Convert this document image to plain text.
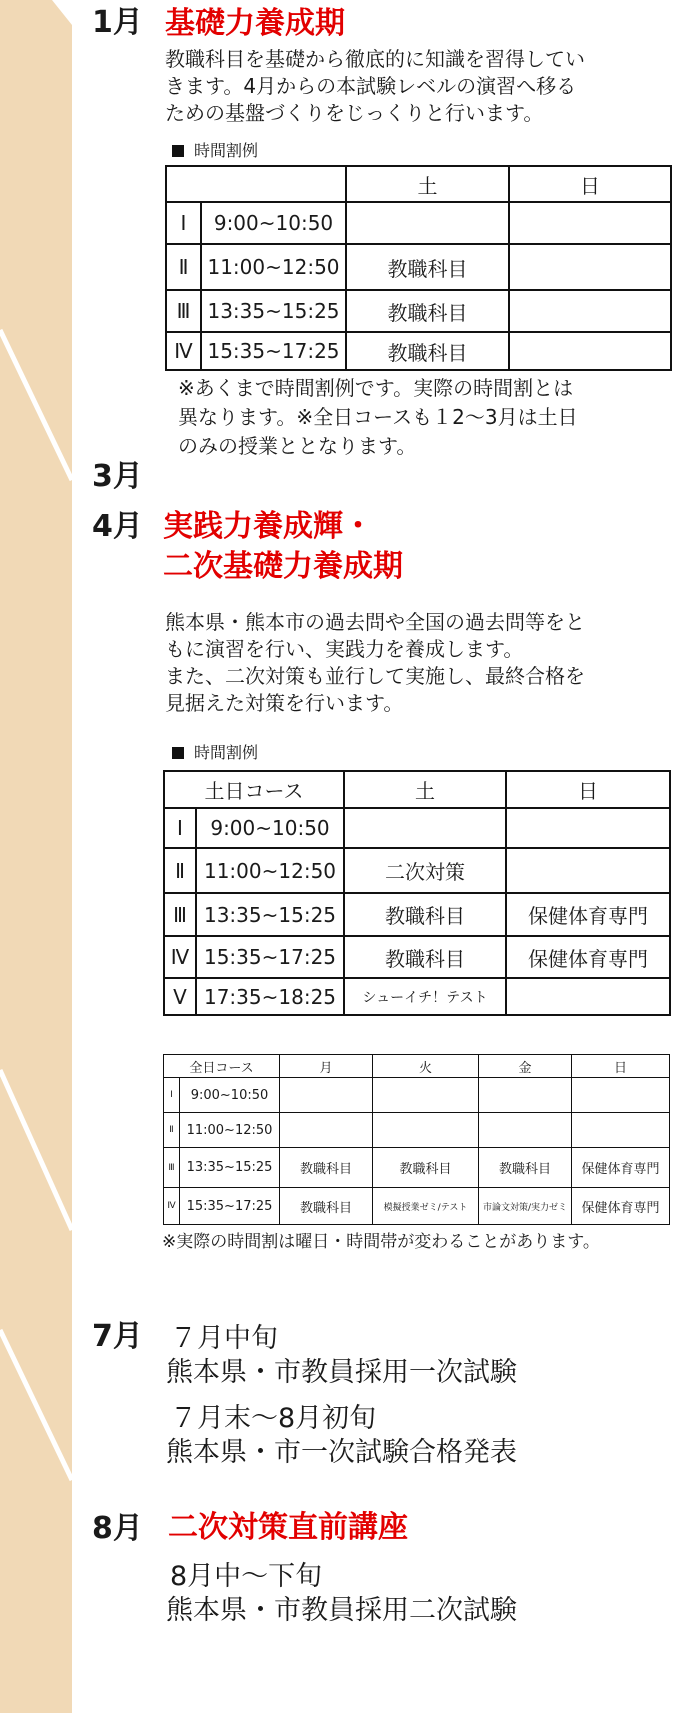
1月 基礎力養成期
教職科目を基礎から徹底的に知識を習得してい
きます。4月からの本試験レベルの演習へ移る
ための基盤づくりをじっくりと行います。
時間割例
		土	日
Ⅰ	9:00~10:50		
Ⅱ	11:00~12:50	教職科目	
Ⅲ	13:35~15:25	教職科目	
Ⅳ	15:35~17:25	教職科目	
※あくまで時間割例です。実際の時間割とは
異なります。※全日コースも１2～3月は土日
のみの授業ととなります。
3月
4月 実践力養成輝・
二次基礎力養成期
熊本県・熊本市の過去問や全国の過去問等をと
もに演習を行い、実践力を養成します。
また、二次対策も並行して実施し、最終合格を
見据えた対策を行います。
時間割例
土日コース		土	日
Ⅰ	9:00~10:50		
Ⅱ	11:00~12:50	二次対策	
Ⅲ	13:35~15:25	教職科目	保健体育専門
Ⅳ	15:35~17:25	教職科目	保健体育専門
Ⅴ	17:35~18:25	シューイチ！テスト	
全日コース		月	火	金	日
Ⅰ	9:00~10:50				
Ⅱ	11:00~12:50				
Ⅲ	13:35~15:25	教職科目	教職科目	教職科目	保健体育専門
Ⅳ	15:35~17:25	教職科目	模擬授業ゼミ/テスト	市論文対策/実力ゼミ	保健体育専門
※実際の時間割は曜日・時間帯が変わることがあります。
7月 ７月中旬
熊本県・市教員採用一次試験
７月末～8月初旬
熊本県・市一次試験合格発表
8月 二次対策直前講座
8月中～下旬
熊本県・市教員採用二次試験
